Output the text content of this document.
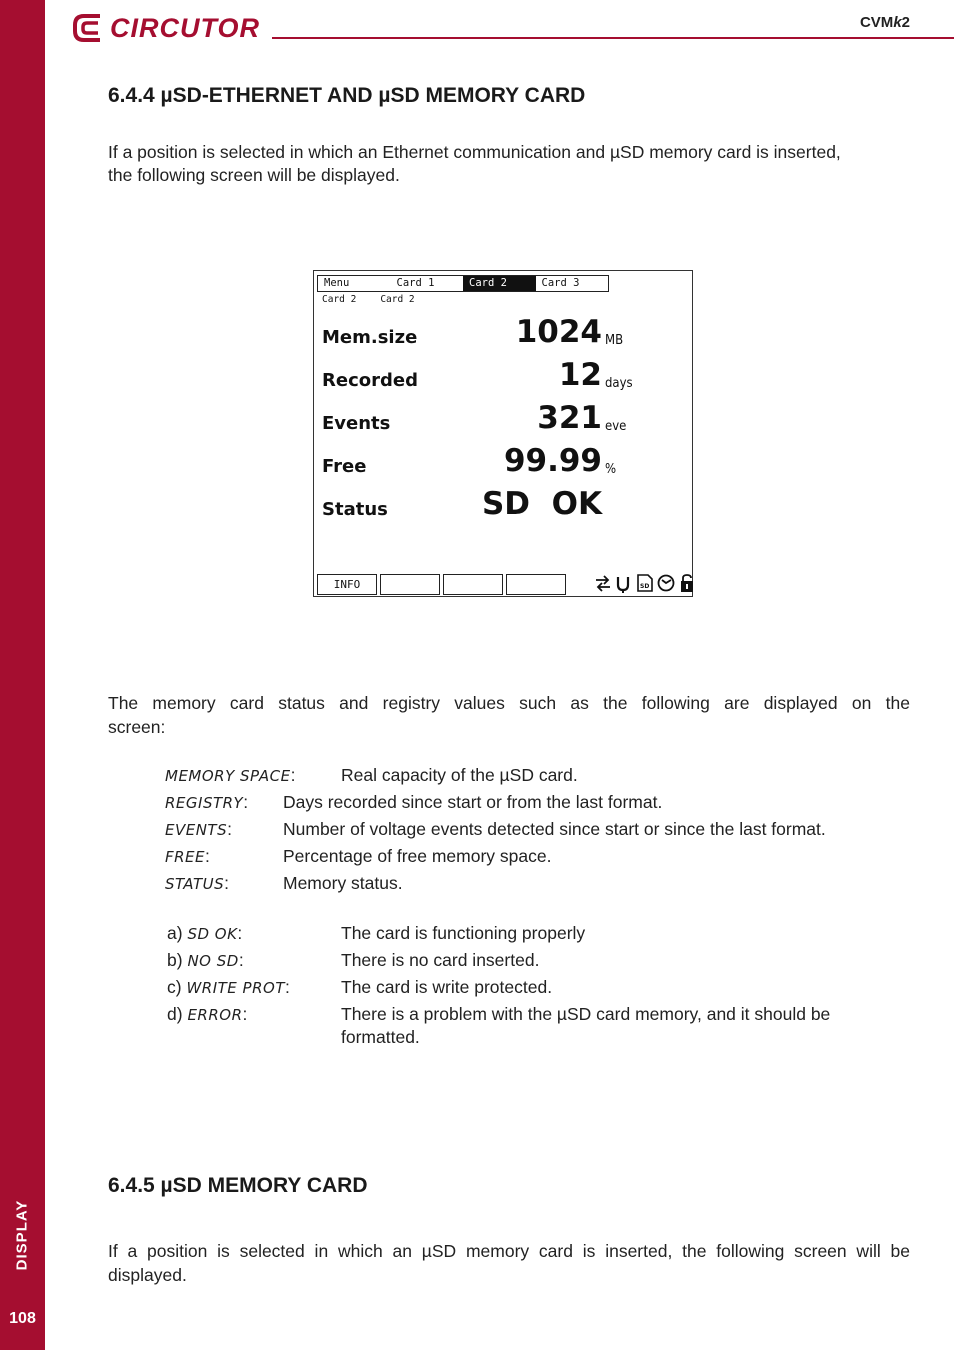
DISPLAY
108
CIRCUTOR	CVMk2
6.4.4 µSD-ETHERNET AND µSD MEMORY CARD

If a position is selected in which an Ethernet communication and µSD memory card is inserted,

the following screen will be displayed.

Menu	Card 1	Card 2	Card 3
Card 2	Card 2
Mem.size	1024 MB
Recorded	12 days
Events	321 eve
Free	99.99 %
Status	SD  OK
INFO	SD

The memory card status and registry values such as the following are displayed on the

screen:

MEMORY SPACE:	Real capacity of the µSD card.
REGISTRY: Days recorded since start or from the last format.
EVENTS:	Number of voltage events detected since start or since the last format.
FREE:	Percentage of free memory space.
STATUS:	Memory status.
a) SD OK:	The card is functioning properly
b) NO SD:	There is no card inserted.
c) WRITE PROT:	The card is write protected.
d) ERROR:	There is a problem with the µSD card memory, and it should be
formatted.
6.4.5 µSD MEMORY CARD

If a position is selected in which an µSD memory card is inserted, the following screen will be

displayed.
